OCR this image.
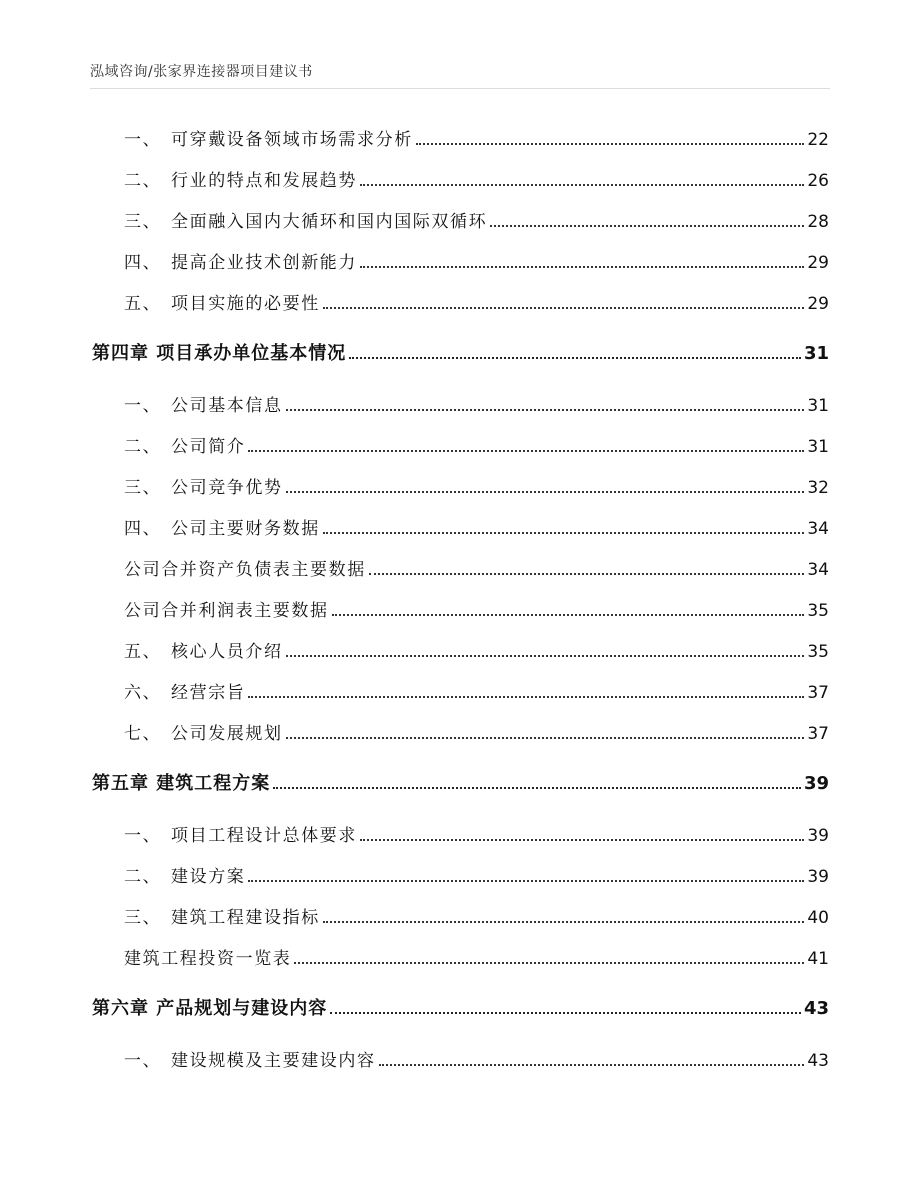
泓域咨询/张家界连接器项目建议书
一、 可穿戴设备领域市场需求分析	22
二、 行业的特点和发展趋势	26
三、 全面融入国内大循环和国内国际双循环	28
四、 提高企业技术创新能力	29
五、 项目实施的必要性	29
第四章 项目承办单位基本情况	31
一、 公司基本信息	31
二、 公司简介	31
三、 公司竞争优势	32
四、 公司主要财务数据	34
公司合并资产负债表主要数据	34
公司合并利润表主要数据	35
五、 核心人员介绍	35
六、 经营宗旨	37
七、 公司发展规划	37
第五章 建筑工程方案	39
一、 项目工程设计总体要求	39
二、 建设方案	39
三、 建筑工程建设指标	40
建筑工程投资一览表	41
第六章 产品规划与建设内容	43
一、 建设规模及主要建设内容	43
